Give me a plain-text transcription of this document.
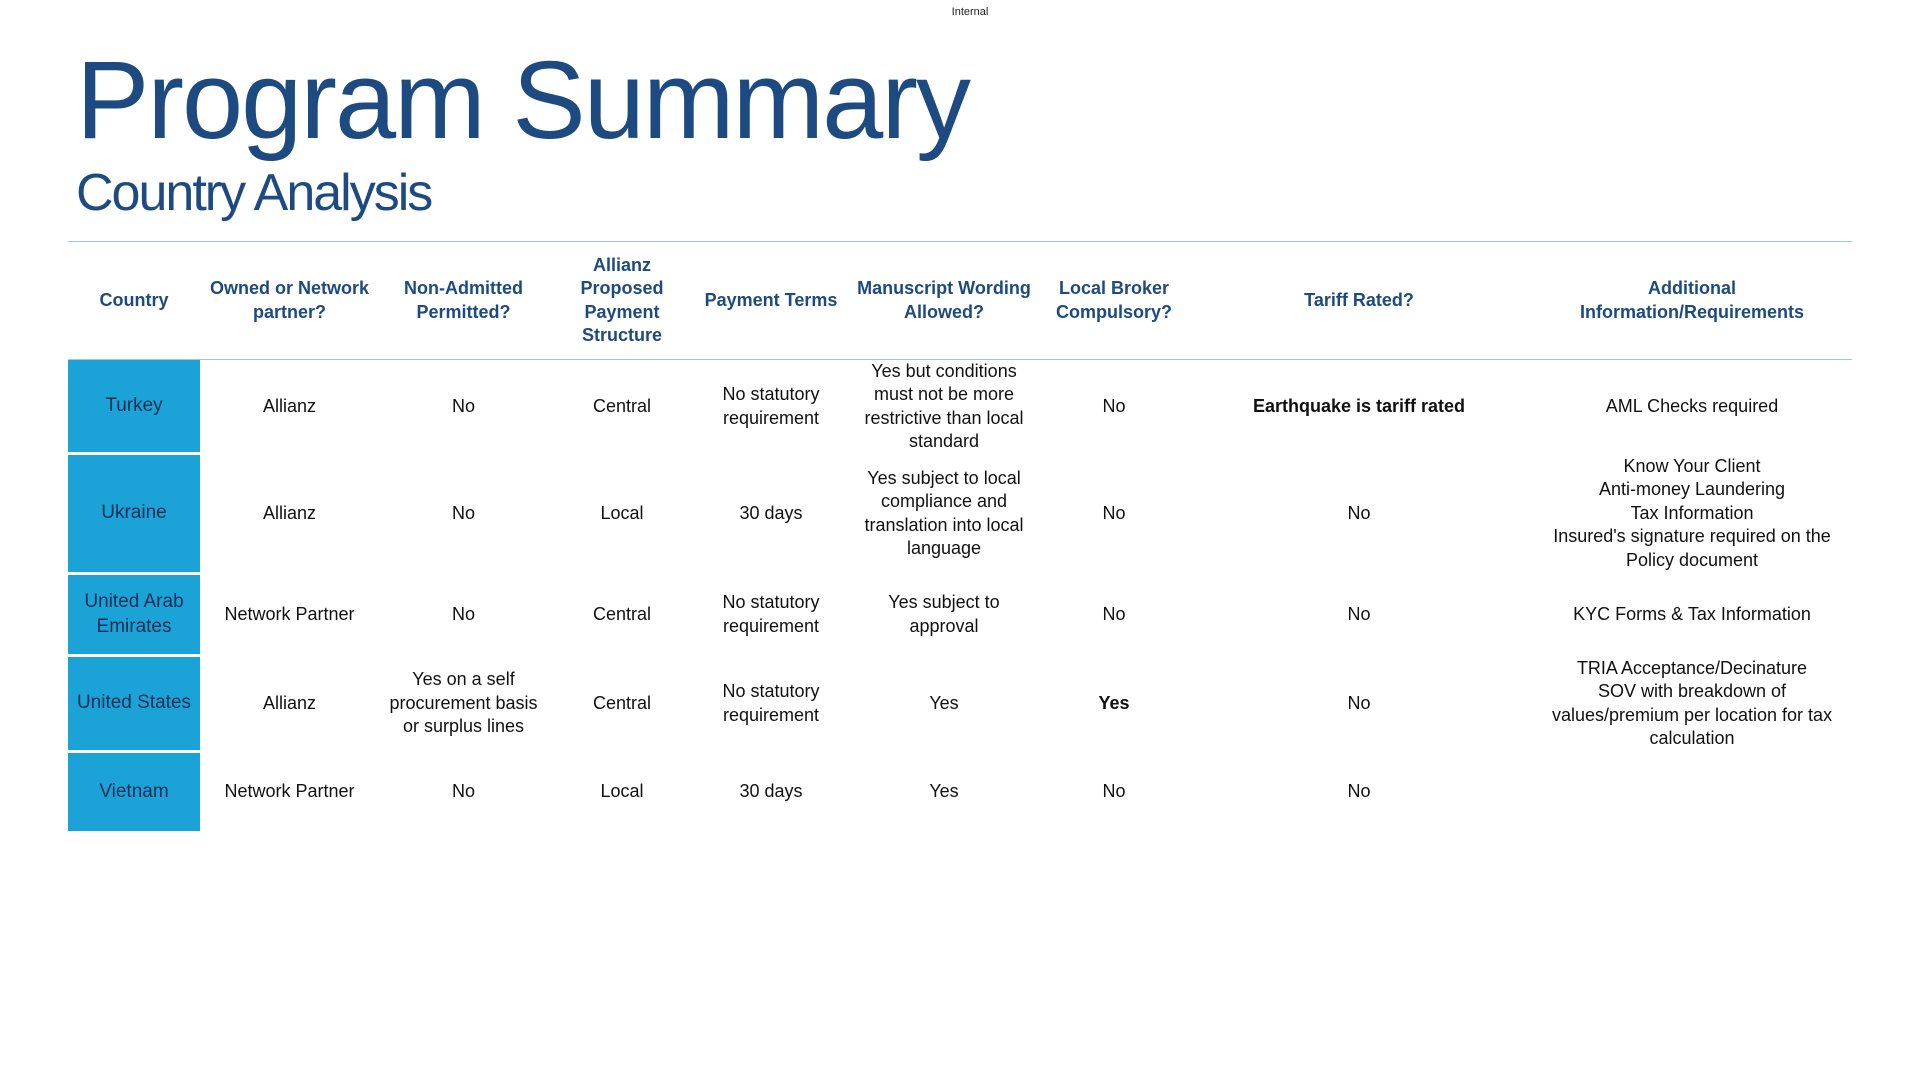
Internal
Program Summary
Country Analysis
Country	Owned or Network partner?	Non-Admitted Permitted?	Allianz Proposed Payment Structure	Payment Terms	Manuscript Wording Allowed?	Local Broker Compulsory?	Tariff Rated?	Additional Information/Requirements
Turkey	Allianz	No	Central	No statutory requirement	Yes but conditions must not be more restrictive than local standard	No	Earthquake is tariff rated	AML Checks required

Ukraine	Allianz	No	Local	30 days	Yes subject to local compliance and translation into local language	No	No	Know Your Client
Anti-money Laundering
Tax Information
Insured's signature required on the Policy document

United Arab Emirates	Network Partner	No	Central	No statutory requirement	Yes subject to approval	No	No	KYC Forms & Tax Information

United States	Allianz	Yes on a self procurement basis or surplus lines	Central	No statutory requirement	Yes	Yes	No	TRIA Acceptance/Decinature
SOV with breakdown of values/premium per location for tax calculation

Vietnam	Network Partner	No	Local	30 days	Yes	No	No	
